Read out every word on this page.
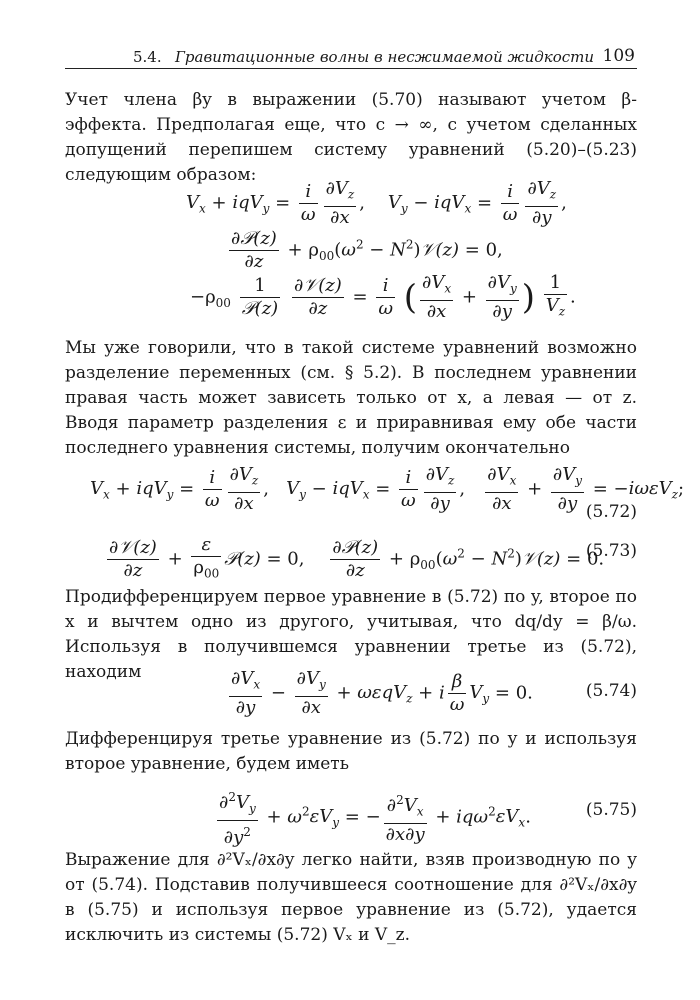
5.4. Гравитационные волны в несжимаемой жидкости 109

Учет члена βy в выражении (5.70) называют учетом β-эффекта. Предполагая еще, что c → ∞, с учетом сделанных допущений перепишем систему уравнений (5.20)–(5.23) следующим образом:

$V_x + iqV_y = \frac{i}{\omega} \frac{\partial V_z}{\partial x}$ ,    $V_y - iqV_x = \frac{i}{\omega} \frac{\partial V_z}{\partial y}$ ,
$\frac{\text{∂𝒫(z)}}{\partial z} + \rho_{00}(\omega^2$ − $N^2)𝒱(z) = 0$,
$-\rho_{00} \frac{1}{\text{𝒫(z)}}$
$\frac{\text{∂𝒱(z)}}{\partial z} = \frac{i}{\omega}$ ( $\frac{\partial V_x}{\partial x} + \frac{\partial V_y}{\partial y}$ ) $\frac{1}{V_z}$ .

Мы уже говорили, что в такой системе уравнений возможно разделение переменных (см. § 5.2). В последнем уравнении правая часть может зависеть только от x, а левая — от z. Вводя параметр разделения ε и приравнивая ему обе части последнего уравнения системы, получим окончательно

$V_x + iqV_y = \frac{i}{\omega} \frac{\partial V_z}{\partial x}$ ,   $V_y - iqV_x = \frac{i}{\omega} \frac{\partial V_z}{\partial y}$ , $\frac{\partial V_x}{\partial x} + \frac{\partial V_y}{\partial y} = -i\omega\varepsilon V_z$;
(5.72)
$\frac{\text{∂𝒱(z)}}{\partial z} + \frac{\varepsilon}{\rho_{00}}$ 𝒫(z) = 0, $\frac{\text{∂𝒫(z)}}{\partial z} + \rho_{00}(\omega^2$ − $N^2)𝒱(z) = 0$.
(5.73)

Продифференцируем первое уравнение в (5.72) по y, второе по x и вычтем одно из другого, учитывая, что dq/dy = β/ω. Используя в получившемся уравнении третье из (5.72), находим	$\frac{\partial V_x}{\partial y} - \frac{\partial V_y}{\partial x} + \omega\varepsilon qV_z + i \frac{\beta}{\omega} V_y = 0$.	(5.74)

Дифференцируя третье уравнение из (5.72) по y и используя второе уравнение, будем иметь

$\frac{\partial^2V_y}{\partial y^2} + \omega^2\varepsilon V_y$ = − $\frac{\partial^2V_x}{\partial x\partial y} + iq\omega^2\varepsilon V_x$.	(5.75)

Выражение для ∂²Vₓ/∂x∂y легко найти, взяв производную по y от (5.74). Подставив получившееся соотношение для ∂²Vₓ/∂x∂y в (5.75) и используя первое уравнение из (5.72), удается исключить из системы (5.72) Vₓ и V_z.
